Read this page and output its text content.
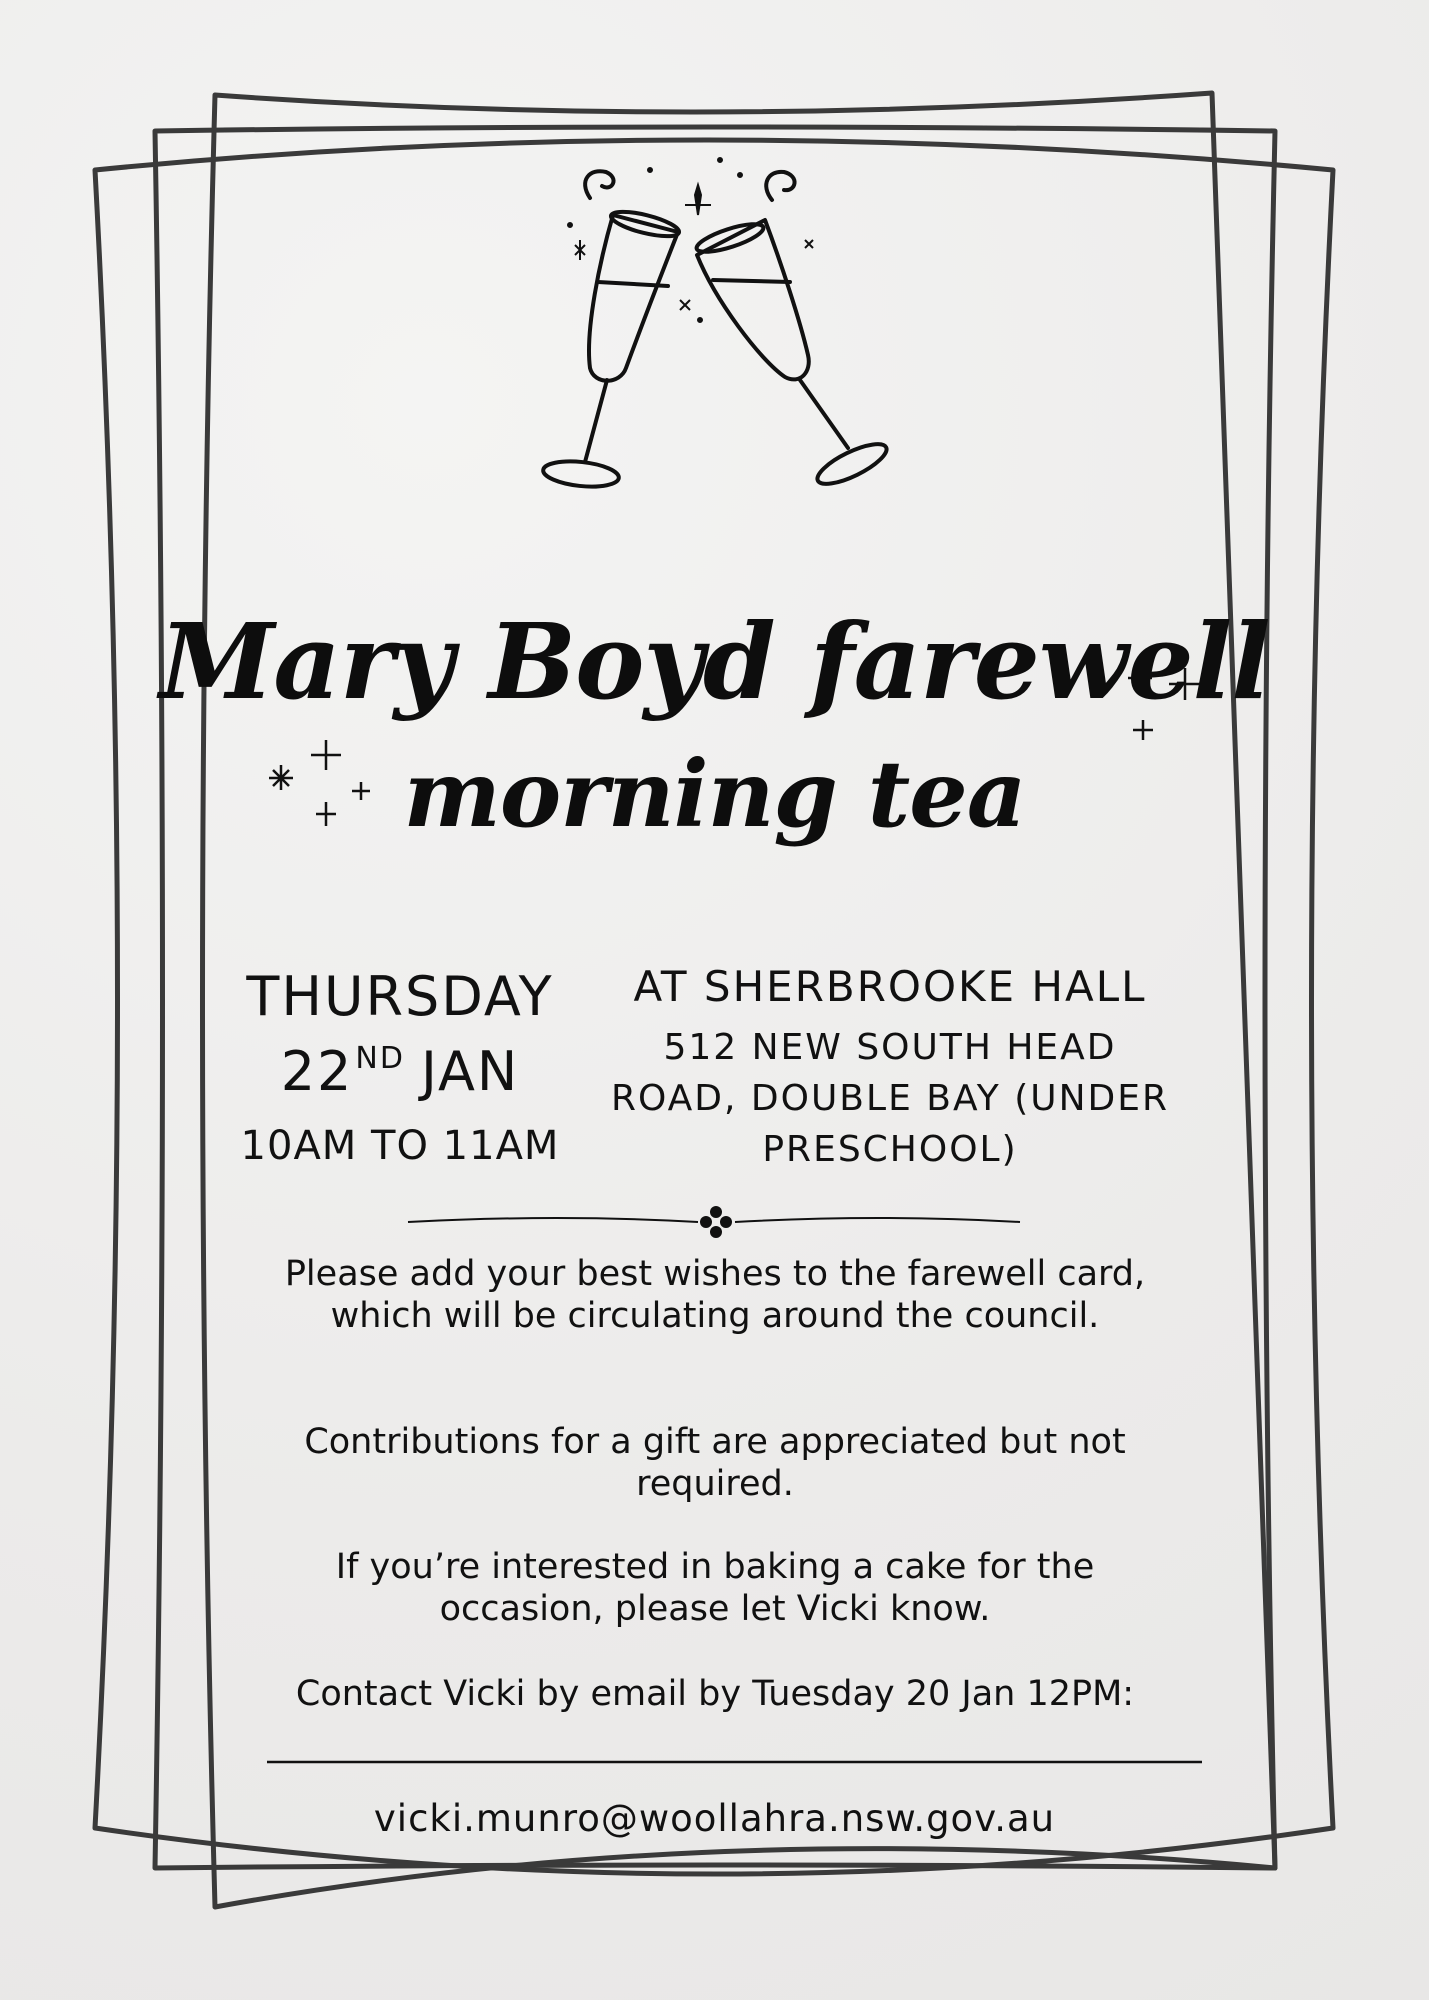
Mary Boyd farewell
morning tea
THURSDAY
22ND JAN
10AM TO 11AM
AT SHERBROOKE HALL
512 NEW SOUTH HEAD ROAD, DOUBLE BAY (UNDER PRESCHOOL)

Please add your best wishes to the farewell card, which will be circulating around the council.

Contributions for a gift are appreciated but not required.

If you’re interested in baking a cake for the occasion, please let Vicki know.

Contact Vicki by email by Tuesday 20 Jan 12PM:

vicki.munro@woollahra.nsw.gov.au
